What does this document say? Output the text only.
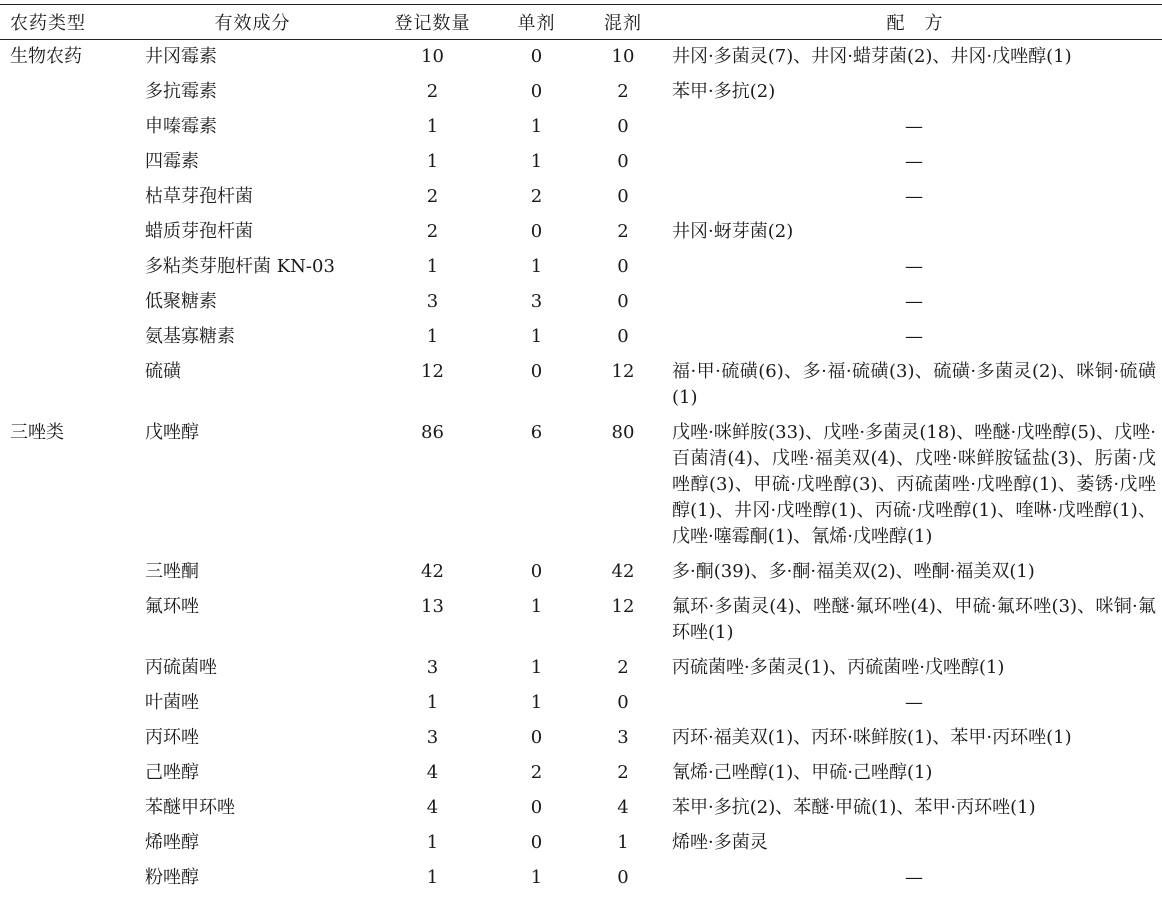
农药类型	有效成分	登记数量	单剂	混剂	配　方
生物农药	井冈霉素	10	0	10	井冈·多菌灵(7)、井冈·蜡芽菌(2)、井冈·戊唑醇(1)
	多抗霉素	2	0	2	苯甲·多抗(2)
	申嗪霉素	1	1	0	—
	四霉素	1	1	0	—
	枯草芽孢杆菌	2	2	0	—
	蜡质芽孢杆菌	2	0	2	井冈·蚜芽菌(2)
	多粘类芽胞杆菌 KN-03	1	1	0	—
	低聚糖素	3	3	0	—
	氨基寡糖素	1	1	0	—
	硫磺	12	0	12	福·甲·硫磺(6)、多·福·硫磺(3)、硫磺·多菌灵(2)、咪铜·硫磺(1)
三唑类	戊唑醇	86	6	80	戊唑·咪鲜胺(33)、戊唑·多菌灵(18)、唑醚·戊唑醇(5)、戊唑·百菌清(4)、戊唑·福美双(4)、戊唑·咪鲜胺锰盐(3)、肟菌·戊唑醇(3)、甲硫·戊唑醇(3)、丙硫菌唑·戊唑醇(1)、萎锈·戊唑醇(1)、井冈·戊唑醇(1)、丙硫·戊唑醇(1)、喹啉·戊唑醇(1)、戊唑·噻霉酮(1)、氰烯·戊唑醇(1)
	三唑酮	42	0	42	多·酮(39)、多·酮·福美双(2)、唑酮·福美双(1)
	氟环唑	13	1	12	氟环·多菌灵(4)、唑醚·氟环唑(4)、甲硫·氟环唑(3)、咪铜·氟环唑(1)
	丙硫菌唑	3	1	2	丙硫菌唑·多菌灵(1)、丙硫菌唑·戊唑醇(1)
	叶菌唑	1	1	0	—
	丙环唑	3	0	3	丙环·福美双(1)、丙环·咪鲜胺(1)、苯甲·丙环唑(1)
	己唑醇	4	2	2	氰烯·己唑醇(1)、甲硫·己唑醇(1)
	苯醚甲环唑	4	0	4	苯甲·多抗(2)、苯醚·甲硫(1)、苯甲·丙环唑(1)
	烯唑醇	1	0	1	烯唑·多菌灵
	粉唑醇	1	1	0	—
